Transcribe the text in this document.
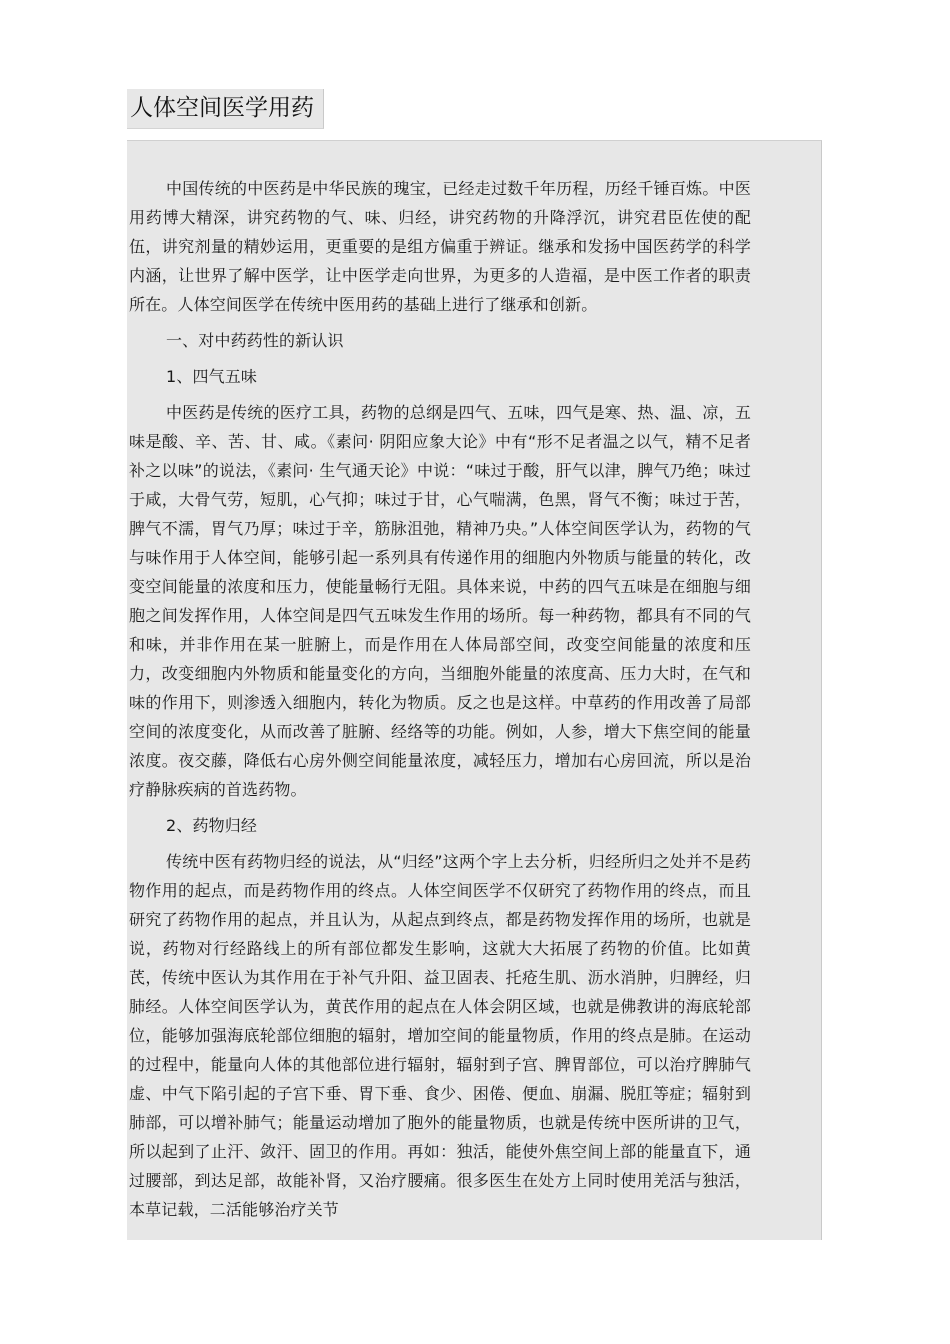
人体空间医学用药

中国传统的中医药是中华民族的瑰宝，已经走过数千年历程，历经千锤百炼。中医用药博大精深，讲究药物的气、味、归经，讲究药物的升降浮沉，讲究君臣佐使的配伍，讲究剂量的精妙运用，更重要的是组方偏重于辨证。继承和发扬中国医药学的科学内涵，让世界了解中医学，让中医学走向世界，为更多的人造福，是中医工作者的职责所在。人体空间医学在传统中医用药的基础上进行了继承和创新。

一、对中药药性的新认识

1、四气五味

中医药是传统的医疗工具，药物的总纲是四气、五味，四气是寒、热、温、凉，五味是酸、辛、苦、甘、咸。《素问· 阴阳应象大论》中有“形不足者温之以气，精不足者补之以味”的说法，《素问· 生气通天论》中说：“味过于酸，肝气以津，脾气乃绝；味过于咸，大骨气劳，短肌，心气抑；味过于甘，心气喘满，色黑，肾气不衡；味过于苦，脾气不濡，胃气乃厚；味过于辛，筋脉沮弛，精神乃央。”人体空间医学认为，药物的气与味作用于人体空间，能够引起一系列具有传递作用的细胞内外物质与能量的转化，改变空间能量的浓度和压力，使能量畅行无阻。具体来说，中药的四气五味是在细胞与细胞之间发挥作用，人体空间是四气五味发生作用的场所。每一种药物，都具有不同的气和味，并非作用在某一脏腑上，而是作用在人体局部空间，改变空间能量的浓度和压力，改变细胞内外物质和能量变化的方向，当细胞外能量的浓度高、压力大时，在气和味的作用下，则渗透入细胞内，转化为物质。反之也是这样。中草药的作用改善了局部空间的浓度变化，从而改善了脏腑、经络等的功能。例如，人参，增大下焦空间的能量浓度。夜交藤，降低右心房外侧空间能量浓度，减轻压力，增加右心房回流，所以是治疗静脉疾病的首选药物。

2、药物归经

传统中医有药物归经的说法，从“归经”这两个字上去分析，归经所归之处并不是药物作用的起点，而是药物作用的终点。人体空间医学不仅研究了药物作用的终点，而且研究了药物作用的起点，并且认为，从起点到终点，都是药物发挥作用的场所，也就是说，药物对行经路线上的所有部位都发生影响，这就大大拓展了药物的价值。比如黄芪，传统中医认为其作用在于补气升阳、益卫固表、托疮生肌、沥水消肿，归脾经，归肺经。人体空间医学认为，黄芪作用的起点在人体会阴区域，也就是佛教讲的海底轮部位，能够加强海底轮部位细胞的辐射，增加空间的能量物质，作用的终点是肺。在运动的过程中，能量向人体的其他部位进行辐射，辐射到子宫、脾胃部位，可以治疗脾肺气虚、中气下陷引起的子宫下垂、胃下垂、食少、困倦、便血、崩漏、脱肛等症；辐射到肺部，可以增补肺气；能量运动增加了胞外的能量物质，也就是传统中医所讲的卫气，所以起到了止汗、敛汗、固卫的作用。再如：独活，能使外焦空间上部的能量直下，通过腰部，到达足部，故能补肾，又治疗腰痛。很多医生在处方上同时使用羌活与独活，本草记载，二活能够治疗关节
